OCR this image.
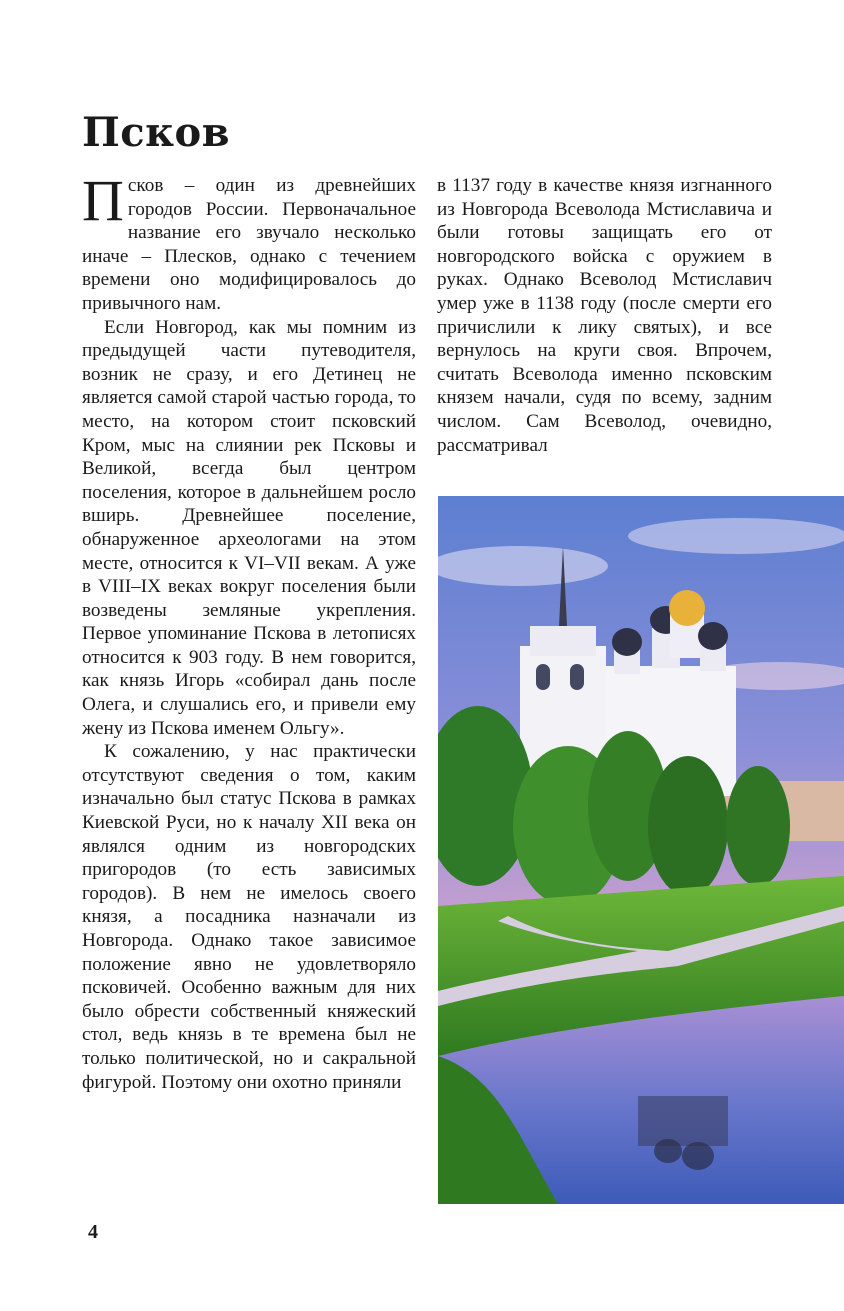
Псков

Псков – один из древнейших городов России. Первоначальное название его звучало несколько иначе – Плесков, однако с течением времени оно модифицировалось до привычного нам.

Если Новгород, как мы помним из предыдущей части путеводителя, возник не сразу, и его Детинец не является самой старой частью города, то место, на котором стоит псковский Кром, мыс на слиянии рек Псковы и Великой, всегда был центром поселения, которое в дальнейшем росло вширь. Древнейшее поселение, обнаруженное археологами на этом месте, относится к VI–VII векам. А уже в VIII–IX веках вокруг поселения были возведены земляные укрепления. Первое упоминание Пскова в летописях относится к 903 году. В нем говорится, как князь Игорь «собирал дань после Олега, и слушались его, и привели ему жену из Пскова именем Ольгу».

К сожалению, у нас практически отсутствуют сведения о том, каким изначально был статус Пскова в рамках Киевской Руси, но к началу XII века он являлся одним из новгородских пригородов (то есть зависимых городов). В нем не имелось своего князя, а посадника назначали из Новгорода. Однако такое зависимое положение явно не удовлетворяло псковичей. Особенно важным для них было обрести собственный княжеский стол, ведь князь в те времена был не только политической, но и сакральной фигурой. Поэтому они охотно приняли

в 1137 году в качестве князя изгнанного из Новгорода Всеволода Мстиславича и были готовы защищать его от новгородского войска с оружием в руках. Однако Всеволод Мстиславич умер уже в 1138 году (после смерти его причислили к лику святых), и все вернулось на круги своя. Впрочем, считать Всеволода именно псковским князем начали, судя по всему, задним числом. Сам Всеволод, очевидно, рассматривал

4
